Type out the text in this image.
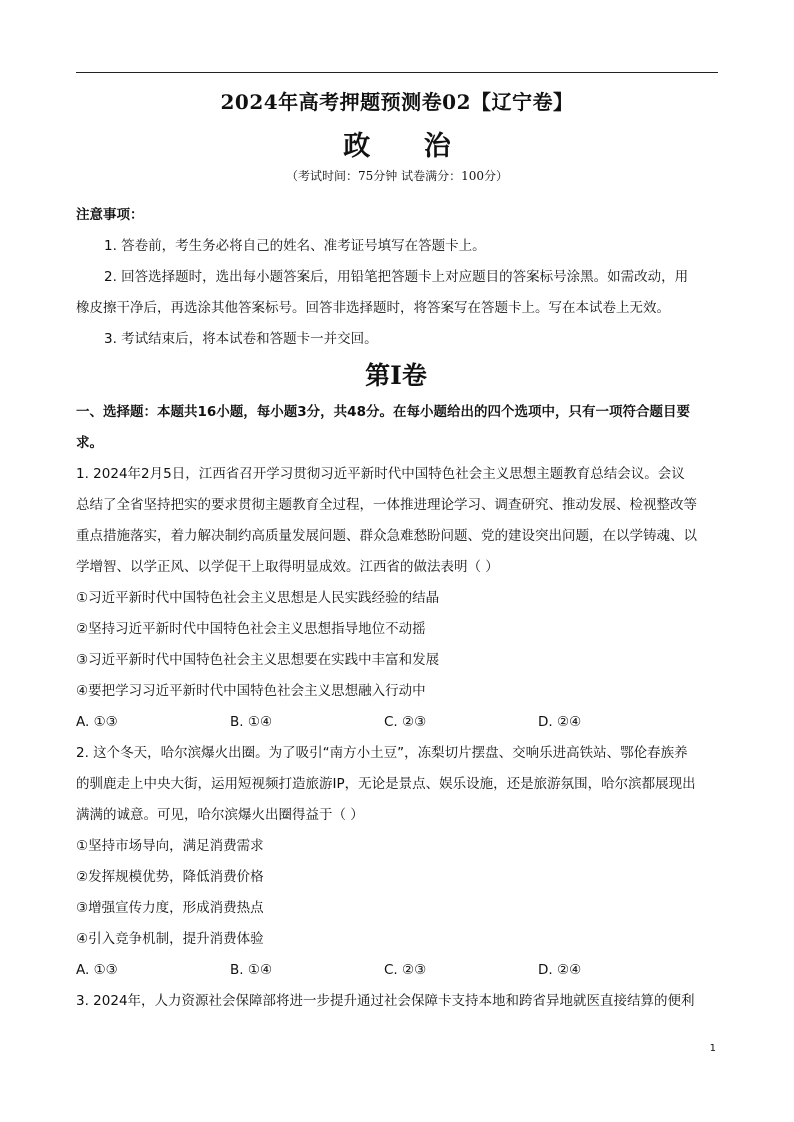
2024年高考押题预测卷02【辽宁卷】
政 治
（考试时间：75分钟 试卷满分：100分）
注意事项：
1. 答卷前，考生务必将自己的姓名、准考证号填写在答题卡上。
2. 回答选择题时，选出每小题答案后，用铅笔把答题卡上对应题目的答案标号涂黑。如需改动，用
橡皮擦干净后，再选涂其他答案标号。回答非选择题时，将答案写在答题卡上。写在本试卷上无效。
3. 考试结束后，将本试卷和答题卡一并交回。
第Ⅰ卷
一、选择题：本题共16小题，每小题3分，共48分。在每小题给出的四个选项中，只有一项符合题目要
求。
1. 2024年2月5日，江西省召开学习贯彻习近平新时代中国特色社会主义思想主题教育总结会议。会议
总结了全省坚持把实的要求贯彻主题教育全过程，一体推进理论学习、调查研究、推动发展、检视整改等
重点措施落实，着力解决制约高质量发展问题、群众急难愁盼问题、党的建设突出问题，在以学铸魂、以
学增智、以学正风、以学促干上取得明显成效。江西省的做法表明（ ）
①习近平新时代中国特色社会主义思想是人民实践经验的结晶
②坚持习近平新时代中国特色社会主义思想指导地位不动摇
③习近平新时代中国特色社会主义思想要在实践中丰富和发展
④要把学习习近平新时代中国特色社会主义思想融入行动中
A. ①③	B. ①④	C. ②③	D. ②④
2. 这个冬天，哈尔滨爆火出圈。为了吸引“南方小土豆”，冻梨切片摆盘、交响乐进高铁站、鄂伦春族养
的驯鹿走上中央大街，运用短视频打造旅游IP，无论是景点、娱乐设施，还是旅游氛围，哈尔滨都展现出
满满的诚意。可见，哈尔滨爆火出圈得益于（ ）
①坚持市场导向，满足消费需求
②发挥规模优势，降低消费价格
③增强宣传力度，形成消费热点
④引入竞争机制，提升消费体验
A. ①③	B. ①④	C. ②③	D. ②④
3. 2024年，人力资源社会保障部将进一步提升通过社会保障卡支持本地和跨省异地就医直接结算的便利
1
